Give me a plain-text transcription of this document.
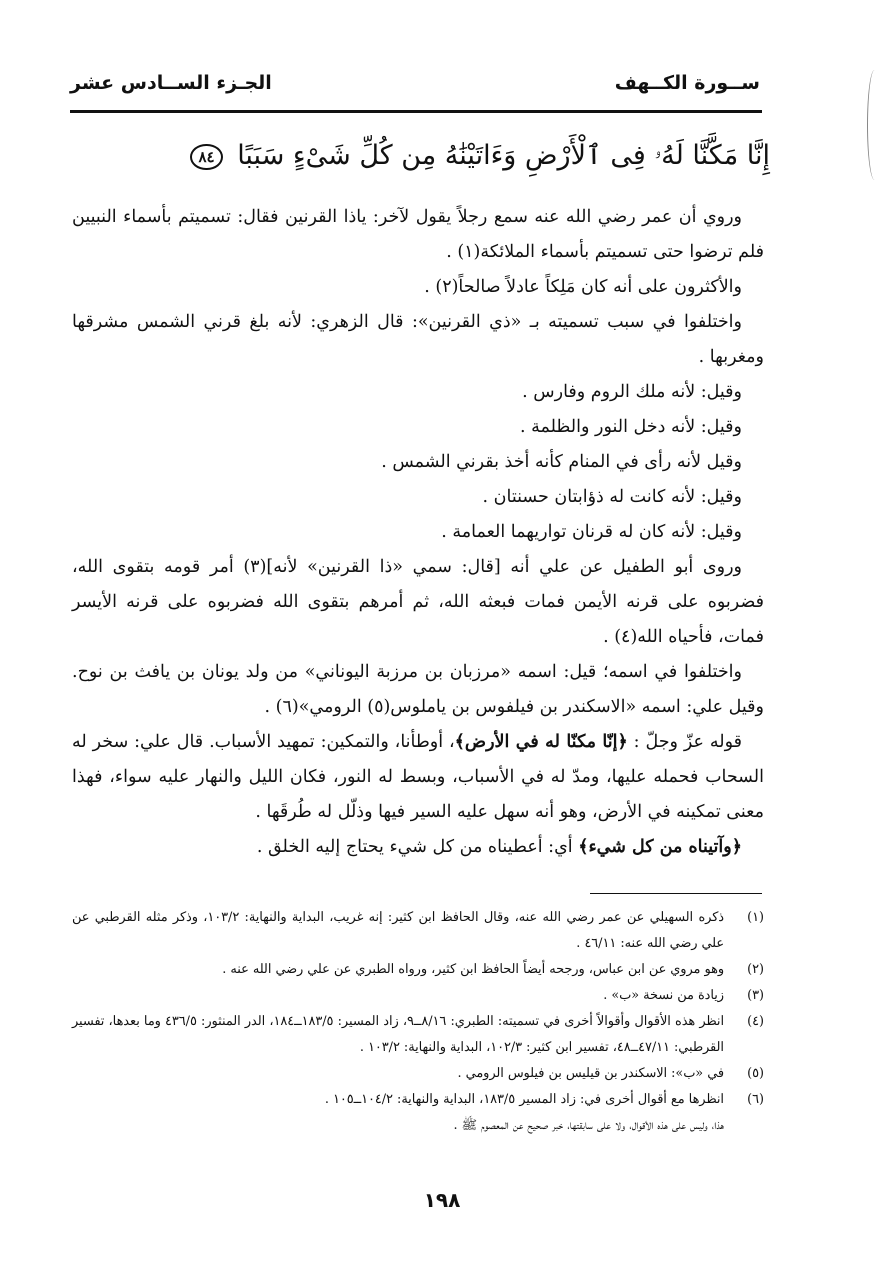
ســورة الكــهف
الجـزء الســادس عشر
إِنَّا مَكَّنَّا لَهُۥ فِى ٱلْأَرْضِ وَءَاتَيْنَٰهُ مِن كُلِّ شَىْءٍ سَبَبًا ٨٤

وروي أن عمر رضي الله عنه سمع رجلاً يقول لآخر: ياذا القرنين فقال: تسميتم بأسماء النبيين فلم ترضوا حتى تسميتم بأسماء الملائكة(١) .

والأكثرون على أنه كان مَلِكاً عادلاً صالحاً(٢) .

واختلفوا في سبب تسميته بـ «ذي القرنين»: قال الزهري: لأنه بلغ قرني الشمس مشرقها ومغربها .

وقيل: لأنه ملك الروم وفارس .

وقيل: لأنه دخل النور والظلمة .

وقيل لأنه رأى في المنام كأنه أخذ بقرني الشمس .

وقيل: لأنه كانت له ذؤابتان حسنتان .

وقيل: لأنه كان له قرنان تواريهما العمامة .

وروى أبو الطفيل عن علي أنه [قال: سمي «ذا القرنين» لأنه](٣) أمر قومه بتقوى الله، فضربوه على قرنه الأيمن فمات فبعثه الله، ثم أمرهم بتقوى الله فضربوه على قرنه الأيسر فمات، فأحياه الله(٤) .

واختلفوا في اسمه؛ قيل: اسمه «مرزبان بن مرزبة اليوناني» من ولد يونان بن يافث بن نوح. وقيل علي: اسمه «الاسكندر بن فيلفوس بن ياملوس(٥) الرومي»(٦) .

قوله عزّ وجلّ : ﴿إنّا مكنّا له في الأرض﴾، أوطأنا، والتمكين: تمهيد الأسباب. قال علي: سخر له السحاب فحمله عليها، ومدّ له في الأسباب، وبسط له النور، فكان الليل والنهار عليه سواء، فهذا معنى تمكينه في الأرض، وهو أنه سهل عليه السير فيها وذلّل له طُرقَها .

﴿وآتيناه من كل شيء﴾ أي: أعطيناه من كل شيء يحتاج إليه الخلق .

(١)
ذكره السهيلي عن عمر رضي الله عنه، وقال الحافظ ابن كثير: إنه غريب، البداية والنهاية: ١٠٣/٢، وذكر مثله القرطبي عن علي رضي الله عنه: ٤٦/١١ .

(٢)
وهو مروي عن ابن عباس، ورجحه أيضاً الحافظ ابن كثير، ورواه الطبري عن علي رضي الله عنه .

(٣)
زيادة من نسخة «ب» .

(٤)
انظر هذه الأقوال وأقوالاً أخرى في تسميته: الطبري: ٨/١٦ــ٩، زاد المسير: ١٨٣/٥ــ١٨٤، الدر المنثور: ٤٣٦/٥ وما بعدها، تفسير القرطبي: ٤٧/١١ــ٤٨، تفسير ابن كثير: ١٠٢/٣، البداية والنهاية: ١٠٣/٢ .

(٥)
في «ب»: الاسكندر بن قيليس بن فيلوس الرومي .

(٦)
انظرها مع أقوال أخرى في: زاد المسير ١٨٣/٥، البداية والنهاية: ١٠٤/٢ــ١٠٥ .

هذا، وليس على هذه الأقوال، ولا على سابقتها، خبر صحيح عن المعصوم ﷺ .

١٩٨
